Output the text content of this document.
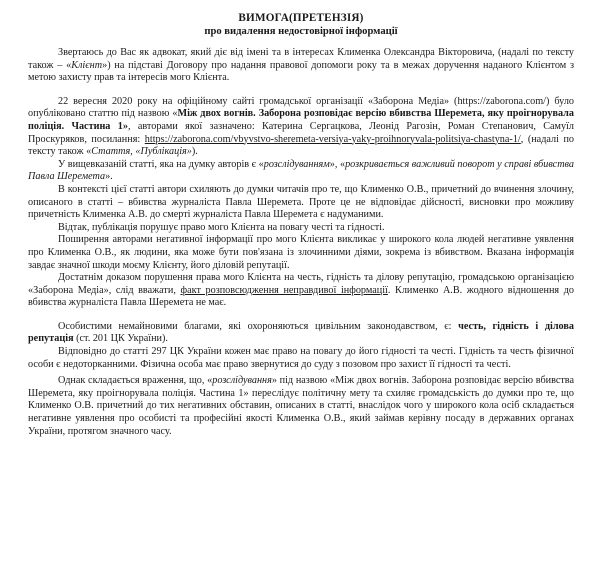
ВИМОГА(ПРЕТЕНЗІЯ)
про видалення недостовірної інформації

Звертаюсь до Вас як адвокат, який діє від імені та в інтересах Клименка Олександра Вікторовича, (надалі по тексту також – «Клієнт») на підставі Договору про надання правової допомоги року та в межах доручення наданого Клієнтом з метою захисту прав та інтересів мого Клієнта.

22 вересня 2020 року на офіційному сайті громадської організації «Заборона Медіа» (https://zaborona.com/) було опубліковано статтю під назвою «Між двох вогнів. Заборона розповідає версію вбивства Шеремета, яку проігнорувала поліція. Частина 1», авторами якої зазначено: Катерина Сергацкова, Леонід Рагозін, Роман Степанович, Самуїл Проскуряков, посилання: https://zaborona.com/vbyvstvo-sheremeta-versiya-yaky-proihnoryvala-politsiya-chastyna-1/, (надалі по тексту також «Стаття, «Публікація»).

У вищевказаній статті, яка на думку авторів є «розслідуванням», «розкривається важливий поворот у справі вбивства Павла Шеремета».

В контексті цієї статті автори схиляють до думки читачів про те, що Клименко О.В., причетний до вчинення злочину, описаного в статті – вбивства журналіста Павла Шеремета. Проте це не відповідає дійсності, висновки про можливу причетність Клименка А.В. до смерті журналіста Павла Шеремета є надуманими.

Відтак, публікація порушує право мого Клієнта на повагу честі та гідності.

Поширення авторами негативної інформації про мого Клієнта викликає у широкого кола людей негативне уявлення про Клименка О.В., як людини, яка може бути пов'язана із злочинними діями, зокрема із вбивством. Вказана інформація завдає значної шкоди моєму Клієнту, його діловій репутації.

Достатнім доказом порушення права мого Клієнта на честь, гідність та ділову репутацію, громадською організацією «Заборона Медіа», слід вважати, факт розповсюдження неправдивої інформації. Клименко А.В. жодного відношення до вбивства журналіста Павла Шеремета не має.

Особистими немайновими благами, які охороняються цивільним законодавством, є: честь, гідність і ділова репутація (ст. 201 ЦК України).

Відповідно до статті 297 ЦК України кожен має право на повагу до його гідності та честі. Гідність та честь фізичної особи є недоторканними. Фізична особа має право звернутися до суду з позовом про захист її гідності та честі.

Однак складається враження, що, «розслідування» під назвою «Між двох вогнів. Заборона розповідає версію вбивства Шеремета, яку проігнорувала поліція. Частина 1» переслідує політичну мету та схиляє громадськість до думки про те, що Клименко О.В. причетний до тих негативних обставин, описаних в статті, внаслідок чого у широкого кола осіб складається негативне уявлення про особисті та професійні якості Клименка О.В., який займав керівну посаду в державних органах України, протягом значного часу.
